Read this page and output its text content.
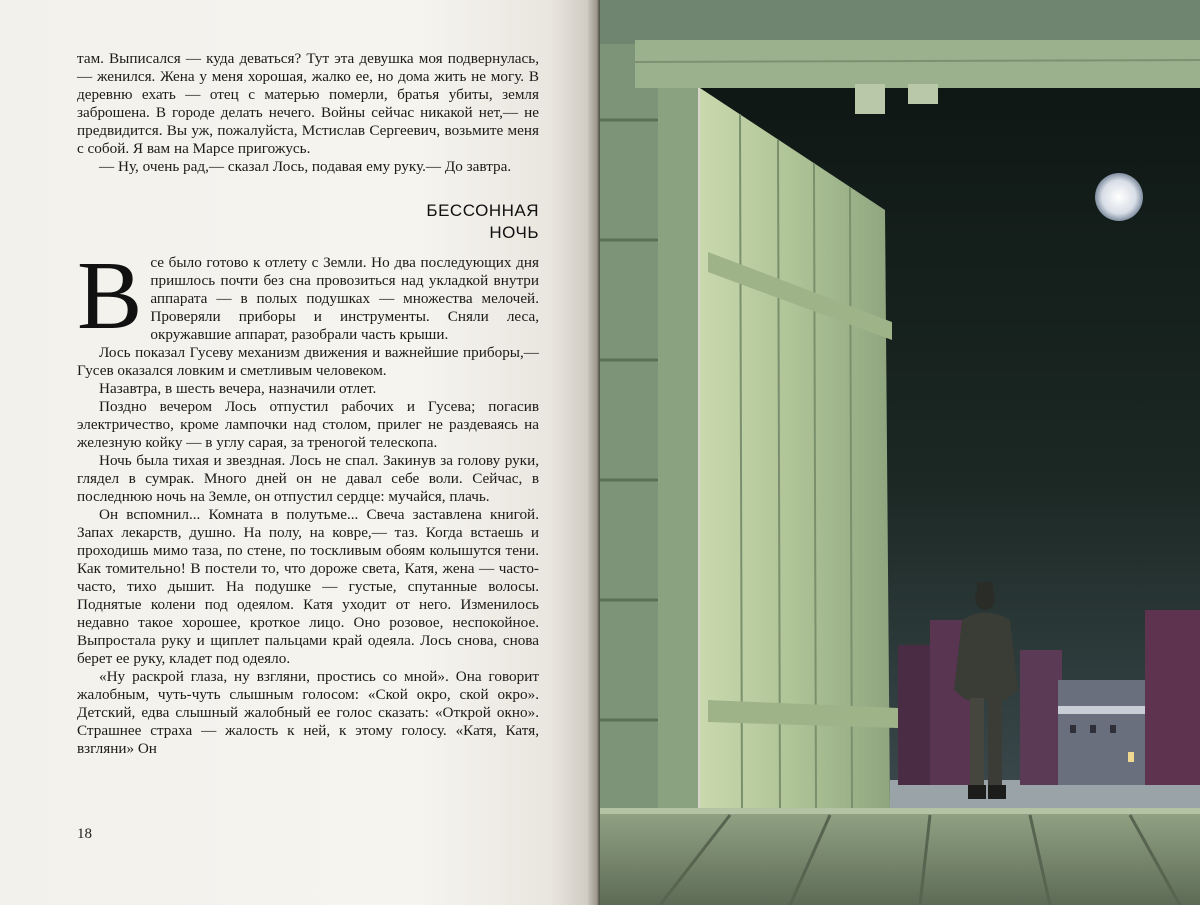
там. Выписался — куда деваться? Тут эта девушка моя подвернулась,— женился. Жена у меня хорошая, жалко ее, но дома жить не могу. В деревню ехать — отец с матерью померли, братья убиты, земля заброшена. В городе делать нечего. Войны сейчас никакой нет,— не предвидится. Вы уж, пожалуйста, Мстислав Сергеевич, возьмите меня с собой. Я вам на Марсе пригожусь.

— Ну, очень рад,— сказал Лось, подавая ему руку.— До завтра.

БЕССОННАЯ
НОЧЬ

В се было готово к отлету с Земли. Но два последующих дня пришлось почти без сна провозиться над укладкой внутри аппарата — в полых подушках — множества мелочей. Проверяли приборы и инструменты. Сняли леса, окружавшие аппарат, разобрали часть крыши.

Лось показал Гусеву механизм движения и важнейшие приборы,— Гусев оказался ловким и сметливым человеком.

Назавтра, в шесть вечера, назначили отлет.

Поздно вечером Лось отпустил рабочих и Гусева; погасив электричество, кроме лампочки над столом, прилег не раздеваясь на железную койку — в углу сарая, за треногой телескопа.

Ночь была тихая и звездная. Лось не спал. Закинув за голову руки, глядел в сумрак. Много дней он не давал себе воли. Сейчас, в последнюю ночь на Земле, он отпустил сердце: мучайся, плачь.

Он вспомнил... Комната в полутьме... Свеча заставлена книгой. Запах лекарств, душно. На полу, на ковре,— таз. Когда встаешь и проходишь мимо таза, по стене, по тоскливым обоям колышутся тени. Как томительно! В постели то, что дороже света, Катя, жена — часто-часто, тихо дышит. На подушке — густые, спутанные волосы. Поднятые колени под одеялом. Катя уходит от него. Изменилось недавно такое хорошее, кроткое лицо. Оно розовое, неспокойное. Выпростала руку и щиплет пальцами край одеяла. Лось снова, снова берет ее руку, кладет под одеяло.

«Ну раскрой глаза, ну взгляни, простись со мной». Она говорит жалобным, чуть-чуть слышным голосом: «Ской окро, ской окро». Детский, едва слышный жалобный ее голос сказать: «Открой окно». Страшнее страха — жалость к ней, к этому голосу. «Катя, Катя, взгляни» Он

18
